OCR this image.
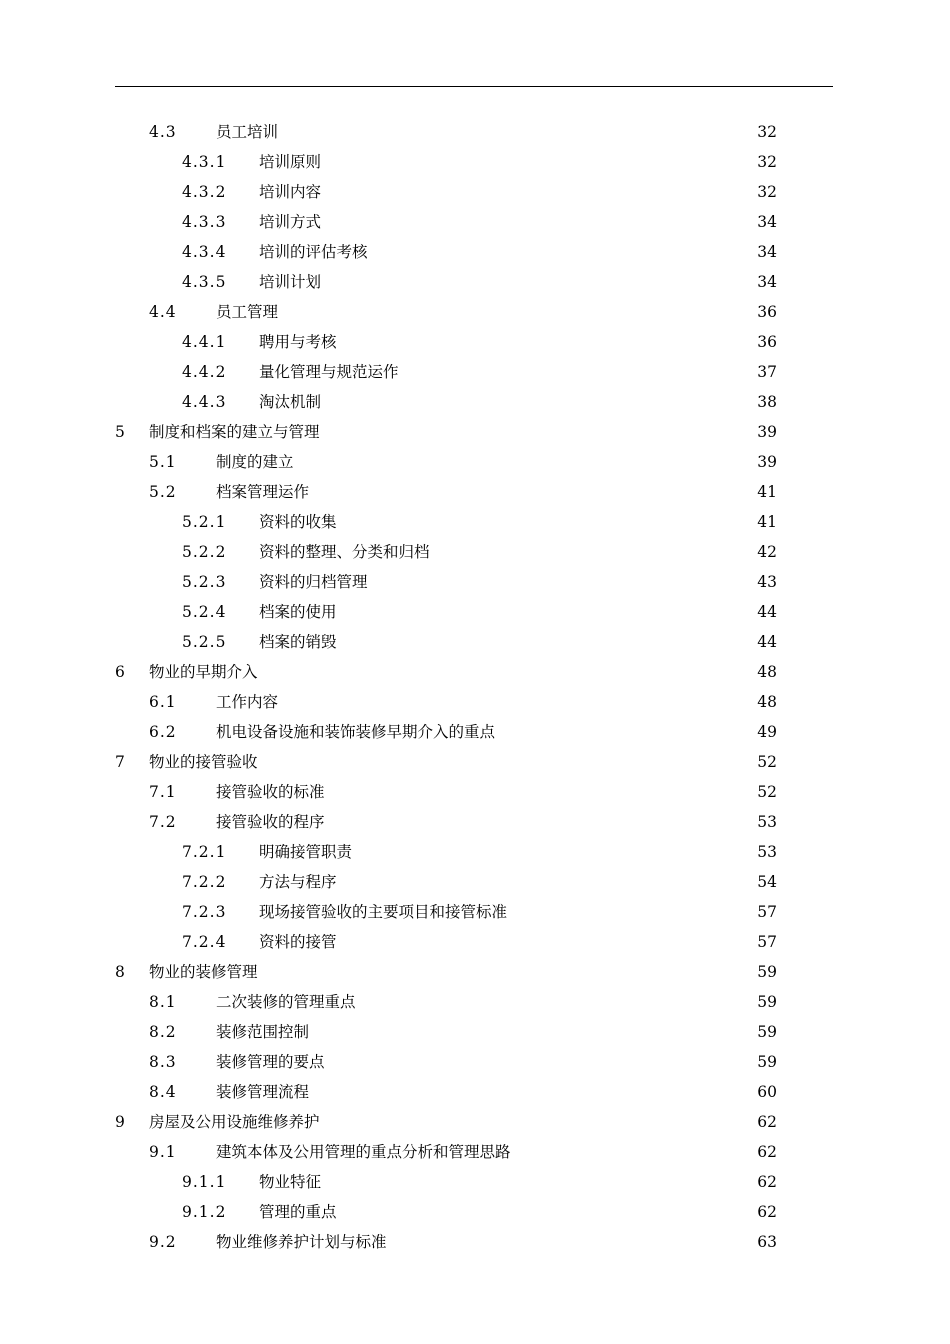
4.3	员工培训	32
4.3.1 培训原则	32
4.3.2 培训内容	32
4.3.3 培训方式	34
4.3.4 培训的评估考核	34
4.3.5 培训计划	34
4.4	员工管理	36
4.4.1 聘用与考核	36
4.4.2 量化管理与规范运作	37
4.4.3 淘汰机制	38
5 制度和档案的建立与管理	39
5.1	制度的建立	39
5.2	档案管理运作	41
5.2.1 资料的收集	41
5.2.2 资料的整理、分类和归档	42
5.2.3 资料的归档管理	43
5.2.4 档案的使用	44
5.2.5 档案的销毁	44
6 物业的早期介入	48
6.1	工作内容	48
6.2	机电设备设施和装饰装修早期介入的重点	49
7 物业的接管验收	52
7.1	接管验收的标准	52
7.2	接管验收的程序	53
7.2.1 明确接管职责	53
7.2.2 方法与程序	54
7.2.3 现场接管验收的主要项目和接管标准	57
7.2.4 资料的接管	57
8 物业的装修管理	59
8.1	二次装修的管理重点	59
8.2	装修范围控制	59
8.3	装修管理的要点	59
8.4	装修管理流程	60
9 房屋及公用设施维修养护	62
9.1	建筑本体及公用管理的重点分析和管理思路	62
9.1.1 物业特征	62
9.1.2 管理的重点	62
9.2	物业维修养护计划与标准	63
